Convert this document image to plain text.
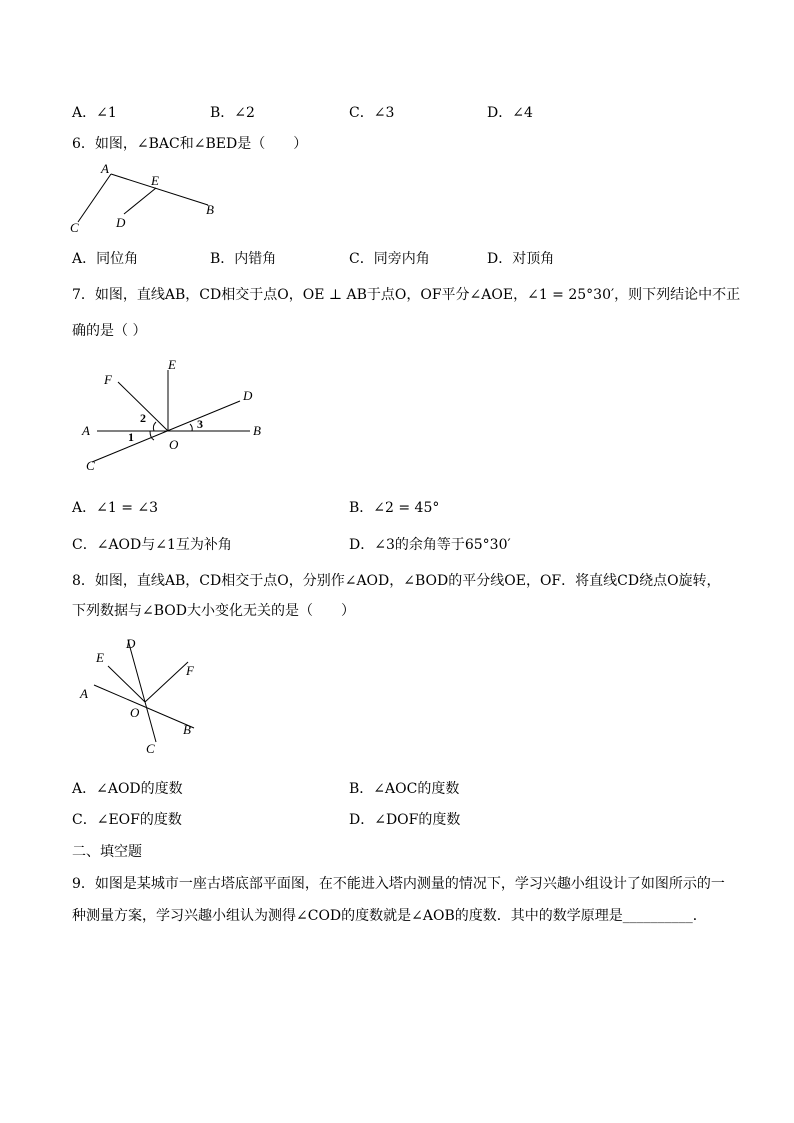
A．∠1	B．∠2	C．∠3	D．∠4
6．如图，∠BAC和∠BED是（　　）
A
E
B
C	D
A．同位角	B．内错角	C．同旁内角	D．对顶角
7．如图，直线AB，CD相交于点O，OE ⊥ AB于点O，OF平分∠AOE，∠1 = 25°30′，则下列结论中不正
确的是（ ）
F
E
D
A	B
C
O
1
2	3
A．∠1 = ∠3	B．∠2 = 45°
C．∠AOD与∠1互为补角	D．∠3的余角等于65°30′
8．如图，直线AB，CD相交于点O，分别作∠AOD，∠BOD的平分线OE，OF．将直线CD绕点O旋转，
下列数据与∠BOD大小变化无关的是（　　）
D
E
F
A
O
B
C
A．∠AOD的度数	B．∠AOC的度数
C．∠EOF的度数	D．∠DOF的度数
二、填空题
9．如图是某城市一座古塔底部平面图，在不能进入塔内测量的情况下，学习兴趣小组设计了如图所示的一
种测量方案，学习兴趣小组认为测得∠COD的度数就是∠AOB的度数．其中的数学原理是__________．
